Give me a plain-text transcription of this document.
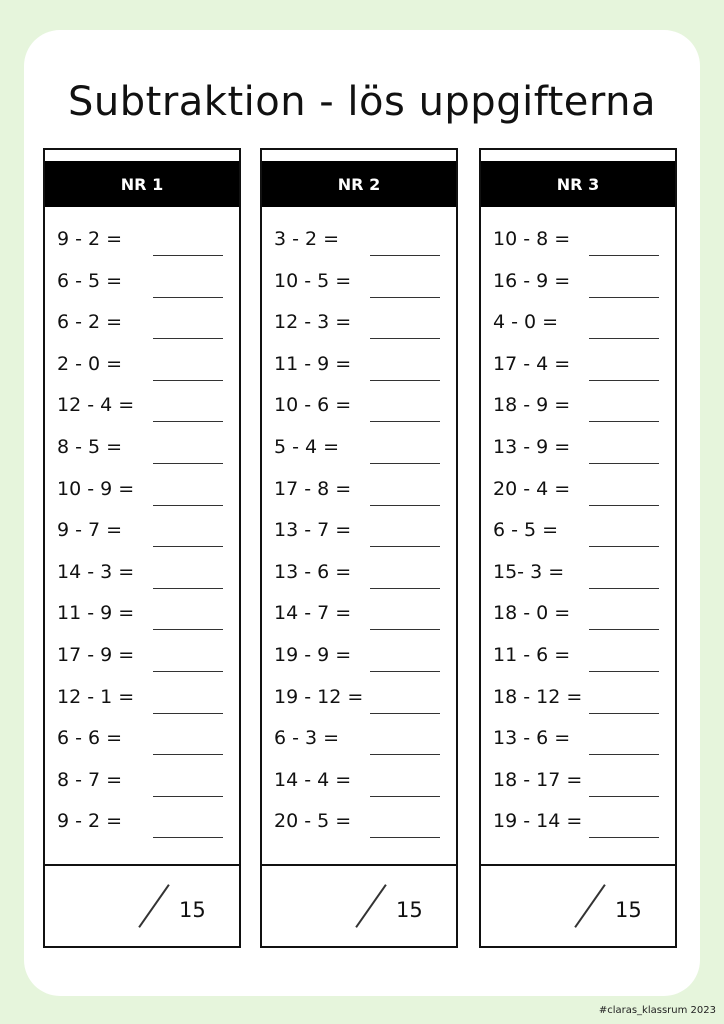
Subtraktion - lös uppgifterna
NR 1
9 - 2 =
6 - 5 =
6 - 2 =
2 - 0 =
12 - 4 =
8 - 5 =
10 - 9 =
9 - 7 =
14 - 3 =
11 - 9 =
17 - 9 =
12 - 1 =
6 - 6 =
8 - 7 =
9 - 2 =
15
NR 2
3 - 2 =
10 - 5 =
12 - 3 =
11 - 9 =
10 - 6 =
5 - 4 =
17 - 8 =
13 - 7 =
13 - 6 =
14 - 7 =
19 - 9 =
19 - 12 =
6 - 3 =
14 - 4 =
20 - 5 =
15
NR 3
10 - 8 =
16 - 9 =
4 - 0 =
17 - 4 =
18 - 9 =
13 - 9 =
20 - 4 =
6 - 5 =
15- 3 =
18 - 0 =
11 - 6 =
18 - 12 =
13 - 6 =
18 - 17 =
19 - 14 =
15
#claras_klassrum 2023
